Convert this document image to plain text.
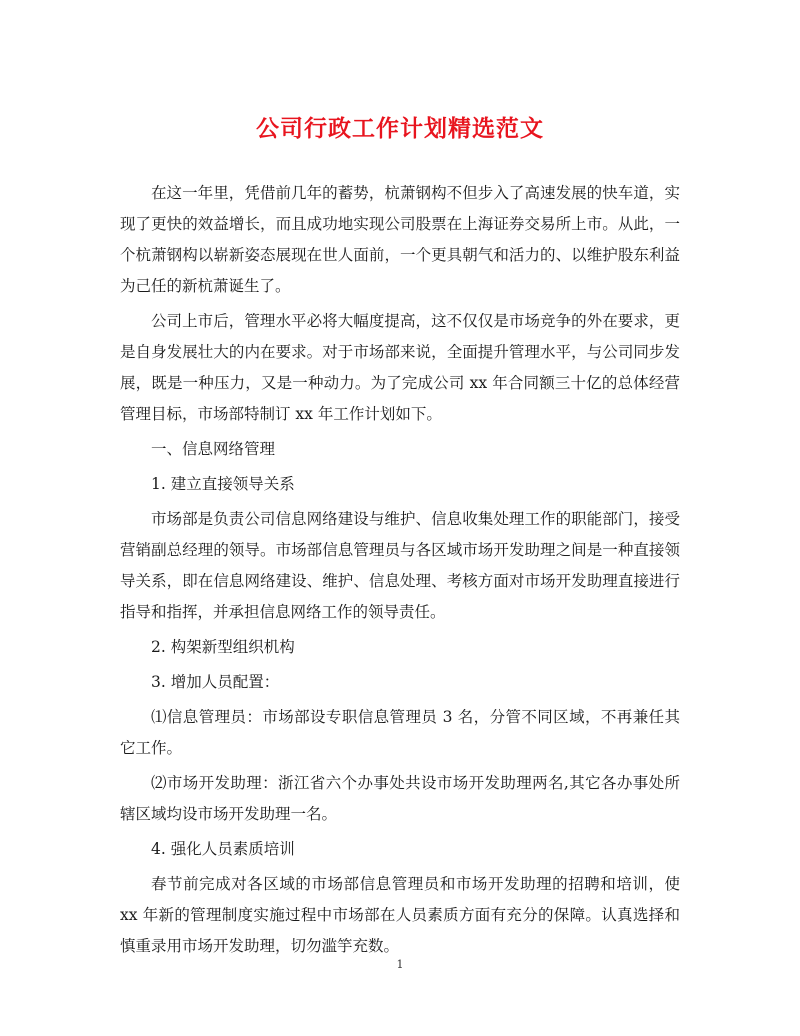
公司行政工作计划精选范文

在这一年里，凭借前几年的蓄势，杭萧钢构不但步入了高速发展的快车道，实现了更快的效益增长，而且成功地实现公司股票在上海证券交易所上市。从此，一个杭萧钢构以崭新姿态展现在世人面前，一个更具朝气和活力的、以维护股东利益为己任的新杭萧诞生了。

公司上市后，管理水平必将大幅度提高，这不仅仅是市场竞争的外在要求，更是自身发展壮大的内在要求。对于市场部来说，全面提升管理水平，与公司同步发展，既是一种压力，又是一种动力。为了完成公司 xx 年合同额三十亿的总体经营管理目标，市场部特制订 xx 年工作计划如下。

一、信息网络管理

1. 建立直接领导关系

市场部是负责公司信息网络建设与维护、信息收集处理工作的职能部门，接受营销副总经理的领导。市场部信息管理员与各区域市场开发助理之间是一种直接领导关系，即在信息网络建设、维护、信息处理、考核方面对市场开发助理直接进行指导和指挥，并承担信息网络工作的领导责任。

2. 构架新型组织机构

3. 增加人员配置：

⑴信息管理员：市场部设专职信息管理员 3 名，分管不同区域，不再兼任其它工作。

⑵市场开发助理：浙江省六个办事处共设市场开发助理两名,其它各办事处所辖区域均设市场开发助理一名。

4. 强化人员素质培训

春节前完成对各区域的市场部信息管理员和市场开发助理的招聘和培训，使 xx 年新的管理制度实施过程中市场部在人员素质方面有充分的保障。认真选择和慎重录用市场开发助理，切勿滥竽充数。

1
